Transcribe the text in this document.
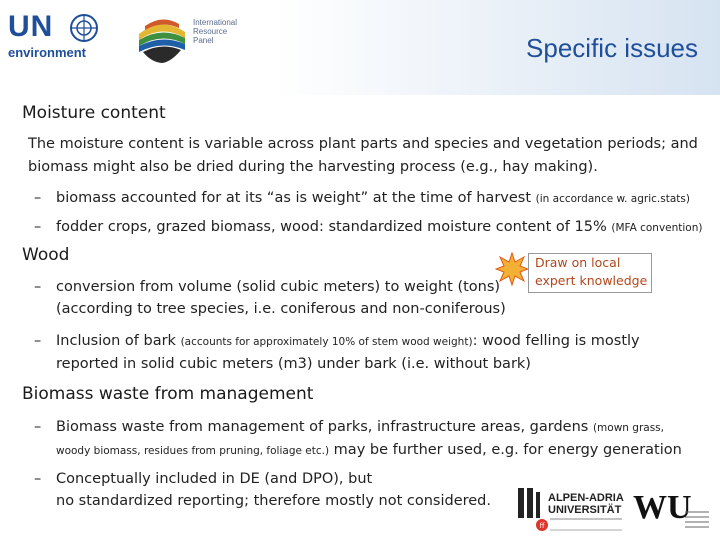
UN
environment
International
Resource
Panel	Specific issues
Moisture content
The moisture content is variable across plant parts and species and vegetation periods; and
biomass might also be dried during the harvesting process (e.g., hay making).
– biomass accounted for at its “as is weight” at the time of harvest (in accordance w. agric.stats)
– fodder crops, grazed biomass, wood: standardized moisture content of 15% (MFA convention)
Wood	Draw on local
expert knowledge
– conversion from volume (solid cubic meters) to weight (tons)
(according to tree species, i.e. coniferous and non-coniferous)
– Inclusion of bark (accounts for approximately 10% of stem wood weight): wood felling is mostly
reported in solid cubic meters (m3) under bark (i.e. without bark)
Biomass waste from management
– Biomass waste from management of parks, infrastructure areas, gardens (mown grass,
woody biomass, residues from pruning, foliage etc.) may be further used, e.g. for energy generation
– Conceptually included in DE (and DPO), but
no standardized reporting; therefore mostly not considered.
ff
ALPEN-ADRIA
UNIVERSITÄT WU
